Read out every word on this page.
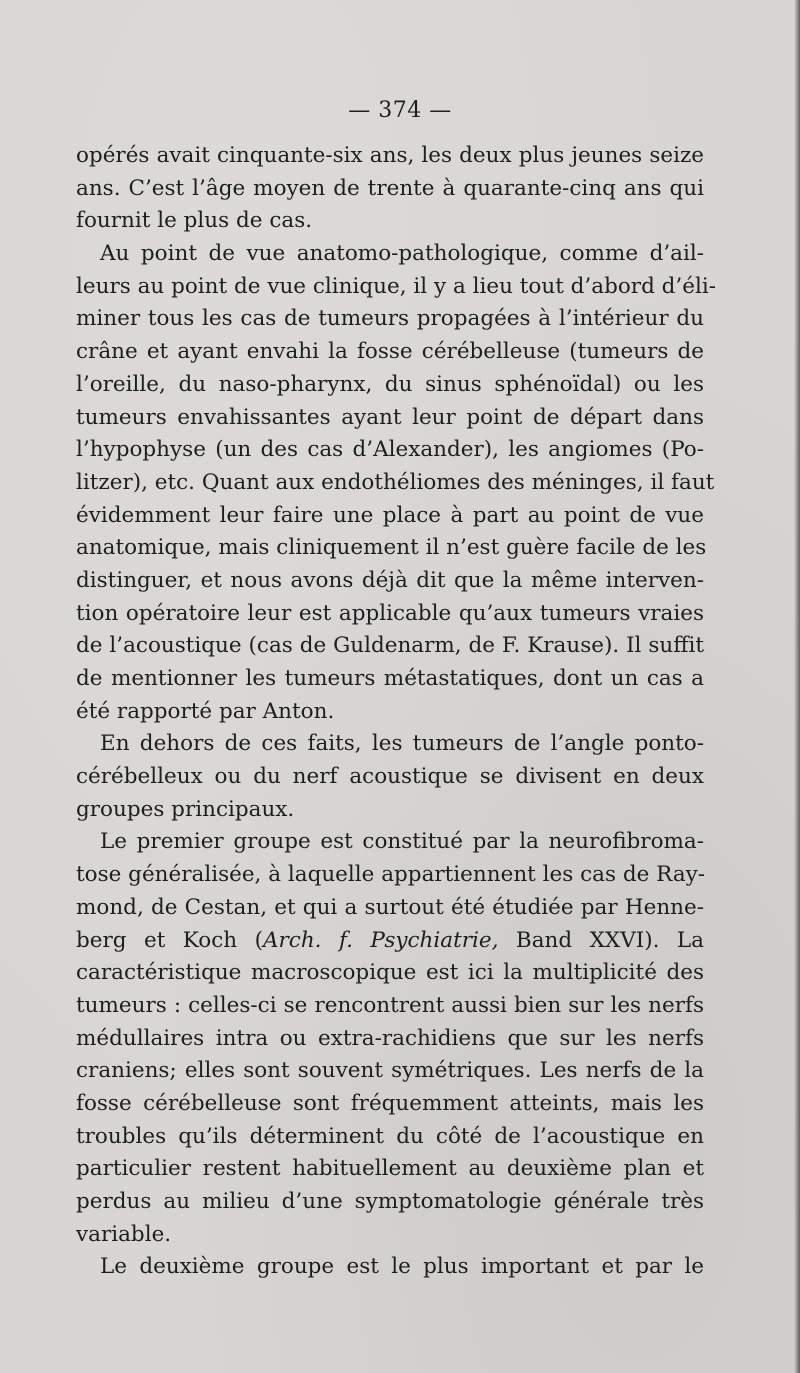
— 374 —
opérés avait cinquante-six ans, les deux plus jeunes seize
ans. C’est l’âge moyen de trente à quarante-cinq ans qui
fournit le plus de cas.
Au point de vue anatomo-pathologique, comme d’ail-
leurs au point de vue clinique, il y a lieu tout d’abord d’éli-
miner tous les cas de tumeurs propagées à l’intérieur du
crâne et ayant envahi la fosse cérébelleuse (tumeurs de
l’oreille, du naso-pharynx, du sinus sphénoïdal) ou les
tumeurs envahissantes ayant leur point de départ dans
l’hypophyse (un des cas d’Alexander), les angiomes (Po-
litzer), etc. Quant aux endothéliomes des méninges, il faut
évidemment leur faire une place à part au point de vue
anatomique, mais cliniquement il n’est guère facile de les
distinguer, et nous avons déjà dit que la même interven-
tion opératoire leur est applicable qu’aux tumeurs vraies
de l’acoustique (cas de Guldenarm, de F. Krause). Il suffit
de mentionner les tumeurs métastatiques, dont un cas a
été rapporté par Anton.
En dehors de ces faits, les tumeurs de l’angle ponto-
cérébelleux ou du nerf acoustique se divisent en deux
groupes principaux.
Le premier groupe est constitué par la neurofibroma-
tose généralisée, à laquelle appartiennent les cas de Ray-
mond, de Cestan, et qui a surtout été étudiée par Henne-
berg et Koch (Arch. f. Psychiatrie, Band XXVI). La
caractéristique macroscopique est ici la multiplicité des
tumeurs : celles-ci se rencontrent aussi bien sur les nerfs
médullaires intra ou extra-rachidiens que sur les nerfs
craniens; elles sont souvent symétriques. Les nerfs de la
fosse cérébelleuse sont fréquemment atteints, mais les
troubles qu’ils déterminent du côté de l’acoustique en
particulier restent habituellement au deuxième plan et
perdus au milieu d’une symptomatologie générale très
variable.
Le deuxième groupe est le plus important et par le
